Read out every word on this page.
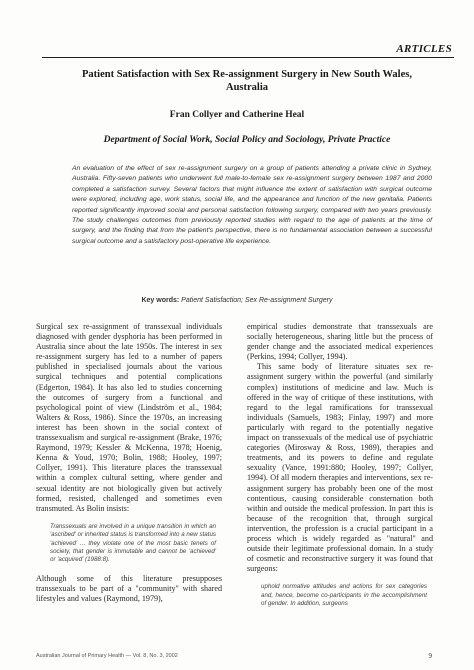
ARTICLES
Patient Satisfaction with Sex Re-assignment Surgery in New South Wales, Australia
Fran Collyer and Catherine Heal
Department of Social Work, Social Policy and Sociology, Private Practice
An evaluation of the effect of sex re-assignment surgery on a group of patients attending a private clinic in Sydney, Australia. Fifty-seven patients who underwent full male-to-female sex re-assignment surgery between 1987 and 2000 completed a satisfaction survey. Several factors that might influence the extent of satisfaction with surgical outcome were explored, including age, work status, social life, and the appearance and function of the new genitalia. Patients reported significantly improved social and personal satisfaction following surgery, compared with two years previously. The study challenges outcomes from previously reported studies with regard to the age of patients at the time of surgery, and the finding that from the patient's perspective, there is no fundamental association between a successful surgical outcome and a satisfactory post-operative life experience.
Key words: Patient Satisfaction; Sex Re-assignment Surgery

Surgical sex re-assignment of transsexual individuals diagnosed with gender dysphoria has been performed in Australia since about the late 1950s. The interest in sex re-assignment surgery has led to a number of papers published in specialised journals about the various surgical techniques and potential complications (Edgerton, 1984). It has also led to studies concerning the outcomes of surgery from a functional and psychological point of view (Lindström et al., 1984; Walters & Ross, 1986). Since the 1970s, an increasing interest has been shown in the social context of transsexualism and surgical re-assignment (Brake, 1976; Raymond, 1979; Kessler & McKenna, 1978; Hoenig, Kenna & Youd, 1970; Bolin, 1988; Hooley, 1997; Collyer, 1991). This literature places the transsexual within a complex cultural setting, where gender and sexual identity are not biologically given but actively formed, resisted, challenged and sometimes even transmuted. As Bolin insists:

Transsexuals are involved in a unique transition in which an 'ascribed' or inherited status is transformed into a new status 'achieved' ... they violate one of the most basic tenets of society, that gender is immutable and cannot be 'achieved' or 'acquired' (1988:8).

Although some of this literature presupposes transsexuals to be part of a "community" with shared lifestyles and values (Raymond, 1979),

empirical studies demonstrate that transsexuals are socially heterogeneous, sharing little but the process of gender change and the associated medical experiences (Perkins, 1994; Collyer, 1994).

This same body of literature situates sex re-assignment surgery within the powerful (and similarly complex) institutions of medicine and law. Much is offered in the way of critique of these institutions, with regard to the legal ramifications for transsexual individuals (Samuels, 1983; Finlay, 1997) and more particularly with regard to the potentially negative impact on transsexuals of the medical use of psychiatric categories (Mirosway & Ross, 1989), therapies and treatments, and its powers to define and regulate sexuality (Vance, 1991:880; Hooley, 1997; Collyer, 1994). Of all modern therapies and interventions, sex re-assignment surgery has probably been one of the most contentious, causing considerable consternation both within and outside the medical profession. In part this is because of the recognition that, through surgical intervention, the profession is a crucial participant in a process which is widely regarded as "natural" and outside their legitimate professional domain. In a study of cosmetic and reconstructive surgery it was found that surgeons:

uphold normative attitudes and actions for sex categories and, hence, become co-participants in the accomplishment of gender. In addition, surgeons
Australian Journal of Primary Health — Vol. 8, No. 3, 2002	9
